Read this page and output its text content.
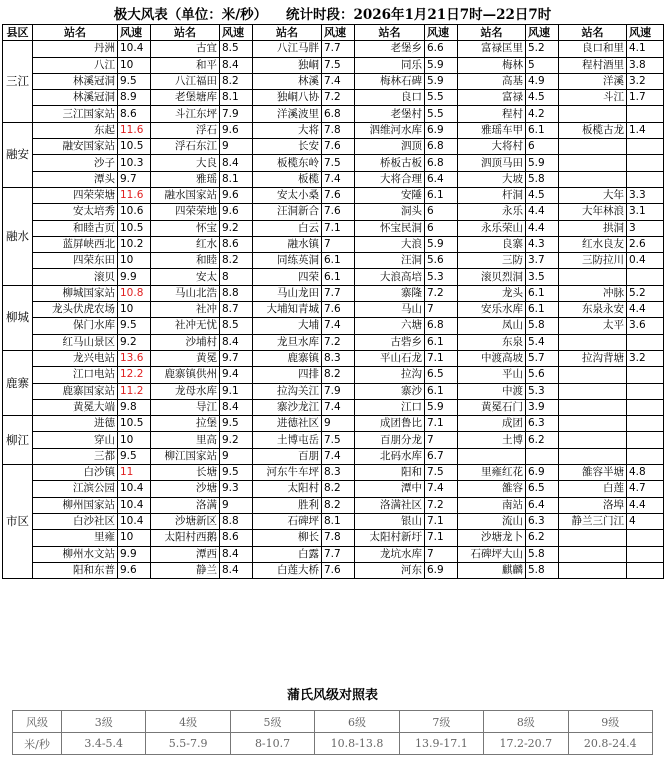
极大风表（单位：米/秒）    统计时段：2026年1月21日7时—22日7时
县区	站名	风速	站名	风速	站名	风速	站名	风速	站名	风速	站名	风速
三江	丹洲	10.4	古宜	8.5	八江马胖	7.7	老堡乡	6.6	富禄匡里	5.2	良口和里	4.1
	八江	10	和平	8.4	独峒	7.5	同乐	5.9	梅林	5	程村酒里	3.8
	林溪冠洞	9.5	八江福田	8.2	林溪	7.4	梅林石碑	5.9	高基	4.9	洋溪	3.2
	林溪冠洞	8.9	老堡塘库	8.1	独峒八协	7.2	良口	5.5	富禄	4.5	斗江	1.7
	三江国家站	8.6	斗江东坪	7.9	洋溪波里	6.8	老堡村	5.5	程村	4.2		
融安	东起	11.6	浮石	9.6	大将	7.8	泗维河水库	6.9	雅瑶车甲	6.1	板榄古龙	1.4
	融安国家站	10.5	浮石东江	9	长安	7.6	泗顶	6.8	大将村	6		
	沙子	10.3	大良	8.4	板榄东岭	7.5	桥板古板	6.8	泗顶马田	5.9		
	潭头	9.7	雅瑶	8.1	板榄	7.4	大将合理	6.4	大坡	5.8		
融水	四荣荣塘	11.6	融水国家站	9.6	安太小桑	7.6	安陲	6.1	杆洞	4.5	大年	3.3
	安太培秀	10.6	四荣荣地	9.6	汪洞新合	7.6	洞头	6	永乐	4.4	大年林浪	3.1
	和睦古页	10.5	怀宝	9.2	白云	7.1	怀宝民洞	6	永乐荣山	4.4	拱洞	3
	蓝屏峡西北	10.2	红水	8.6	融水镇	7	大浪	5.9	良寨	4.3	红水良友	2.6
	四荣东田	10	和睦	8.2	同练英洞	6.1	汪洞	5.6	三防	3.7	三防拉川	0.4
	滚贝	9.9	安太	8	四荣	6.1	大浪高培	5.3	滚贝烈洞	3.5		
柳城	柳城国家站	10.8	马山北浩	8.8	马山龙田	7.7	寨隆	7.2	龙头	6.1	冲脉	5.2
	龙头伏虎农场	10	社冲	8.7	大埔知青城	7.6	马山	7	安乐水库	6.1	东泉永安	4.4
	保门水库	9.5	社冲无忧	8.5	大埔	7.4	六塘	6.8	凤山	5.8	太平	3.6
	红马山景区	9.2	沙埔村	8.4	龙旦水库	7.2	古砦乡	6.1	东泉	5.4		
鹿寨	龙兴电站	13.6	黄冕	9.7	鹿寨镇	8.3	平山石龙	7.1	中渡高坡	5.7	拉沟背塘	3.2
	江口电站	12.2	鹿寨镇供州	9.4	四排	8.2	拉沟	6.5	平山	5.6		
	鹿寨国家站	11.2	龙母水库	9.1	拉沟关江	7.9	寨沙	6.1	中渡	5.3		
	黄冕大端	9.8	导江	8.4	寨沙龙江	7.4	江口	5.9	黄冕石门	3.9		
柳江	进德	10.5	拉堡	9.5	进德社区	9	成团鲁比	7.1	成团	6.3		
	穿山	10	里高	9.2	土博屯岳	7.5	百朋分龙	7	土博	6.2		
	三都	9.5	柳江国家站	9	百朋	7.4	北码水库	6.7				
市区	白沙镇	11	长塘	9.5	河东牛车坪	8.3	阳和	7.5	里雍红花	6.9	雒容半塘	4.8
	江滨公园	10.4	沙塘	9.3	太阳村	8.2	潭中	7.4	雒容	6.5	白莲	4.7
	柳州国家站	10.4	洛满	9	胜利	8.2	洛满社区	7.2	南站	6.4	洛埠	4.4
	白沙社区	10.4	沙塘新区	8.8	石碑坪	8.1	银山	7.1	流山	6.3	静兰三门江	4
	里雍	10	太阳村西鹅	8.6	柳长	7.8	太阳村新圩	7.1	沙塘龙卜	6.2		
	柳州水文站	9.9	潭西	8.4	白露	7.7	龙坑水库	7	石碑坪大山	5.8		
	阳和东普	9.6	静兰	8.4	白莲大桥	7.6	河东	6.9	麒麟	5.8		
蒲氏风级对照表
风级	3级	4级	5级	6级	7级	8级	9级
米/秒	3.4-5.4	5.5-7.9	8-10.7	10.8-13.8	13.9-17.1	17.2-20.7	20.8-24.4
